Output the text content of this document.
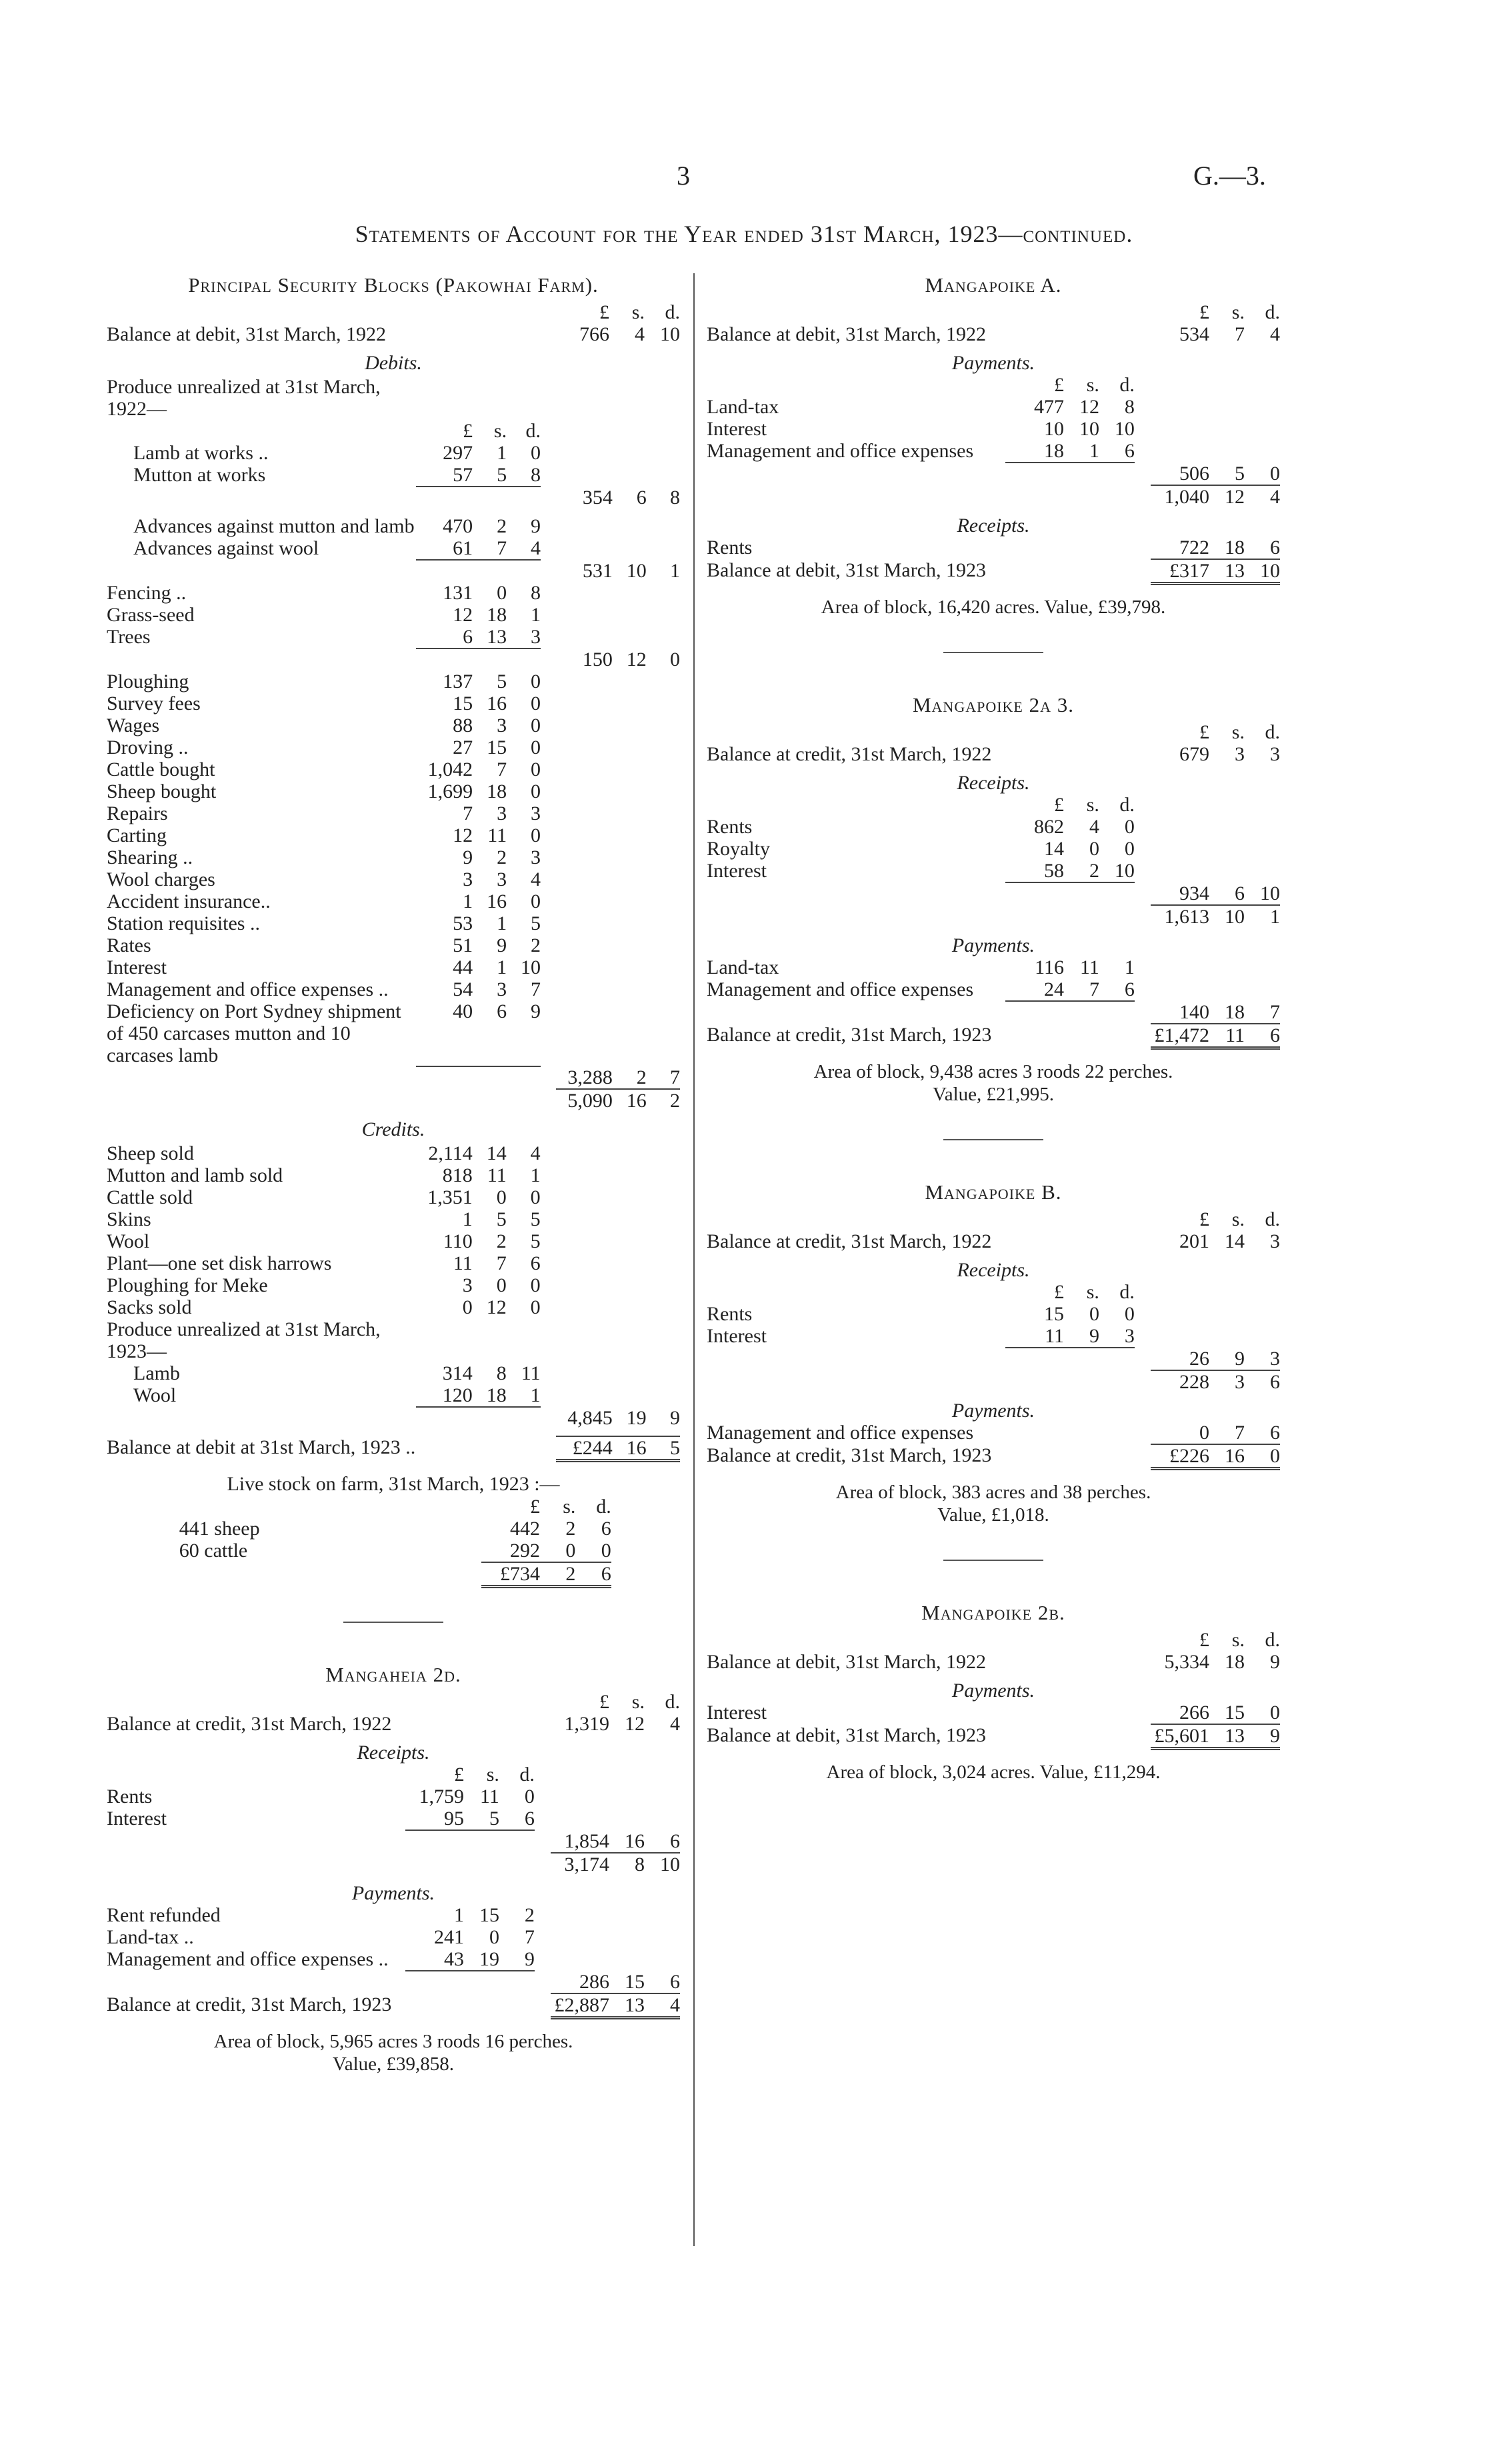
3	G.—3.
Statements of Account for the Year ended 31st March, 1923—continued.
Principal Security Blocks (Pakowhai Farm).
					£	s.	d.
Balance at debit, 31st March, 1922					766	4	10
Debits.
Produce unrealized at 31st March, 1922—							
	£	s.	d.				
Lamb at works ..	297	1	0				
Mutton at works	57	5	8				
					354	6	8

Advances against mutton and lamb	470	2	9				
Advances against wool	61	7	4				
					531	10	1
Fencing ..	131	0	8				
Grass-seed	12	18	1				
Trees	6	13	3				
					150	12	0
Ploughing	137	5	0				
Survey fees	15	16	0				
Wages	88	3	0				
Droving ..	27	15	0				
Cattle bought	1,042	7	0				
Sheep bought	1,699	18	0				
Repairs	7	3	3				
Carting	12	11	0				
Shearing ..	9	2	3				
Wool charges	3	3	4				
Accident insurance..	1	16	0				
Station requisites ..	53	1	5				
Rates	51	9	2				
Interest	44	1	10				
Management and office expenses ..	54	3	7				
Deficiency on Port Sydney shipment of 450 carcases mutton and 10 carcases lamb	40	6	9				
					3,288	2	7
					5,090	16	2
Credits.
Sheep sold	2,114	14	4				
Mutton and lamb sold	818	11	1				
Cattle sold	1,351	0	0				
Skins	1	5	5				
Wool	110	2	5				
Plant—one set disk harrows	11	7	6				
Ploughing for Meke	3	0	0				
Sacks sold	0	12	0				
Produce unrealized at 31st March, 1923—							
Lamb	314	8	11				
Wool	120	18	1				
					4,845	19	9

Balance at debit at 31st March, 1923 ..					£244	16	5
Live stock on farm, 31st March, 1923 :—
	£	s.	d.
441 sheep	442	2	6
60 cattle	292	0	0
	£734	2	6
Mangaheia 2d.
					£	s.	d.
Balance at credit, 31st March, 1922					1,319	12	4
Receipts.							
	£	s.	d.				
Rents	1,759	11	0				
Interest	95	5	6				
					1,854	16	6
					3,174	8	10
Payments.							
Rent refunded	1	15	2				
Land-tax ..	241	0	7				
Management and office expenses ..	43	19	9				
					286	15	6
Balance at credit, 31st March, 1923					£2,887	13	4
Area of block, 5,965 acres 3 roods 16 perches.
Value, £39,858.
Mangapoike A.
					£	s.	d.
Balance at debit, 31st March, 1922					534	7	4
Payments.							
	£	s.	d.				
Land-tax	477	12	8				
Interest	10	10	10				
Management and office expenses	18	1	6				
					506	5	0
					1,040	12	4
Receipts.							
Rents					722	18	6
Balance at debit, 31st March, 1923					£317	13	10
Area of block, 16,420 acres. Value, £39,798.
Mangapoike 2a 3.
					£	s.	d.
Balance at credit, 31st March, 1922					679	3	3
Receipts.							
	£	s.	d.				
Rents	862	4	0				
Royalty	14	0	0				
Interest	58	2	10				
					934	6	10
					1,613	10	1
Payments.							
Land-tax	116	11	1				
Management and office expenses	24	7	6				
					140	18	7
Balance at credit, 31st March, 1923					£1,472	11	6
Area of block, 9,438 acres 3 roods 22 perches.
Value, £21,995.
Mangapoike B.
					£	s.	d.
Balance at credit, 31st March, 1922					201	14	3
Receipts.							
	£	s.	d.				
Rents	15	0	0				
Interest	11	9	3				
					26	9	3
					228	3	6
Payments.							
Management and office expenses					0	7	6
Balance at credit, 31st March, 1923					£226	16	0
Area of block, 383 acres and 38 perches.
Value, £1,018.
Mangapoike 2b.
					£	s.	d.
Balance at debit, 31st March, 1922					5,334	18	9
Payments.							
Interest					266	15	0
Balance at debit, 31st March, 1923					£5,601	13	9
Area of block, 3,024 acres. Value, £11,294.
